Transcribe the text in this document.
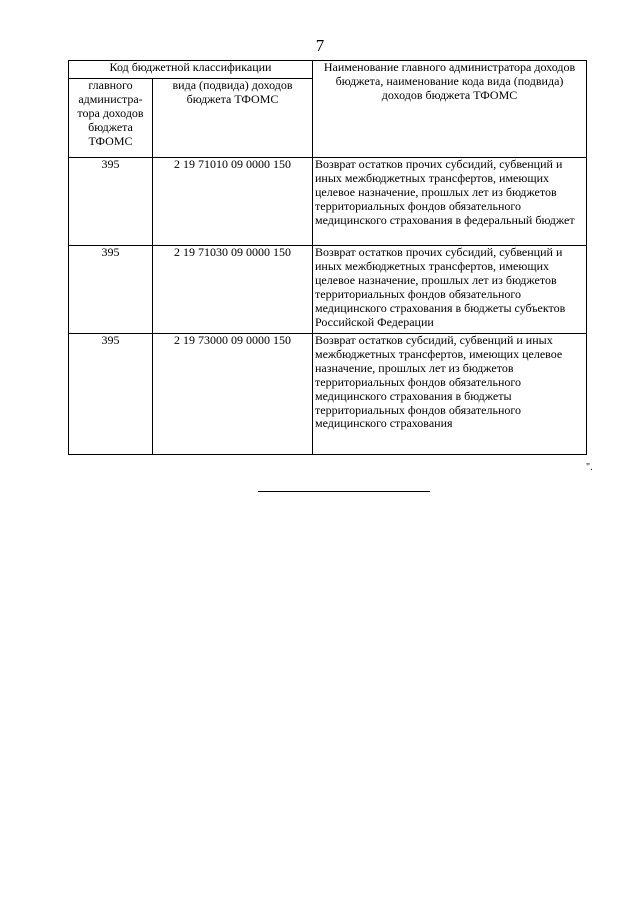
7
Код бюджетной классификации		Наименование главного администратора доходов бюджета, наименование кода вида (подвида) доходов бюджета ТФОМС
главного администра-тора доходов бюджета ТФОМС	вида (подвида) доходов бюджета ТФОМС	
395	2 19 71010 09 0000 150	Возврат остатков прочих субсидий, субвенций и иных межбюджетных трансфертов, имеющих целевое назначение, прошлых лет из бюджетов территориальных фондов обязательного медицинского страхования в федеральный бюджет
395	2 19 71030 09 0000 150	Возврат остатков прочих субсидий, субвенций и иных межбюджетных трансфертов, имеющих целевое назначение, прошлых лет из бюджетов территориальных фондов обязательного медицинского страхования в бюджеты субъектов Российской Федерации
395	2 19 73000 09 0000 150	Возврат остатков субсидий, субвенций и иных межбюджетных трансфертов, имеющих целевое назначение, прошлых лет из бюджетов территориальных фондов обязательного медицинского страхования в бюджеты территориальных фондов обязательного медицинского страхования
".
